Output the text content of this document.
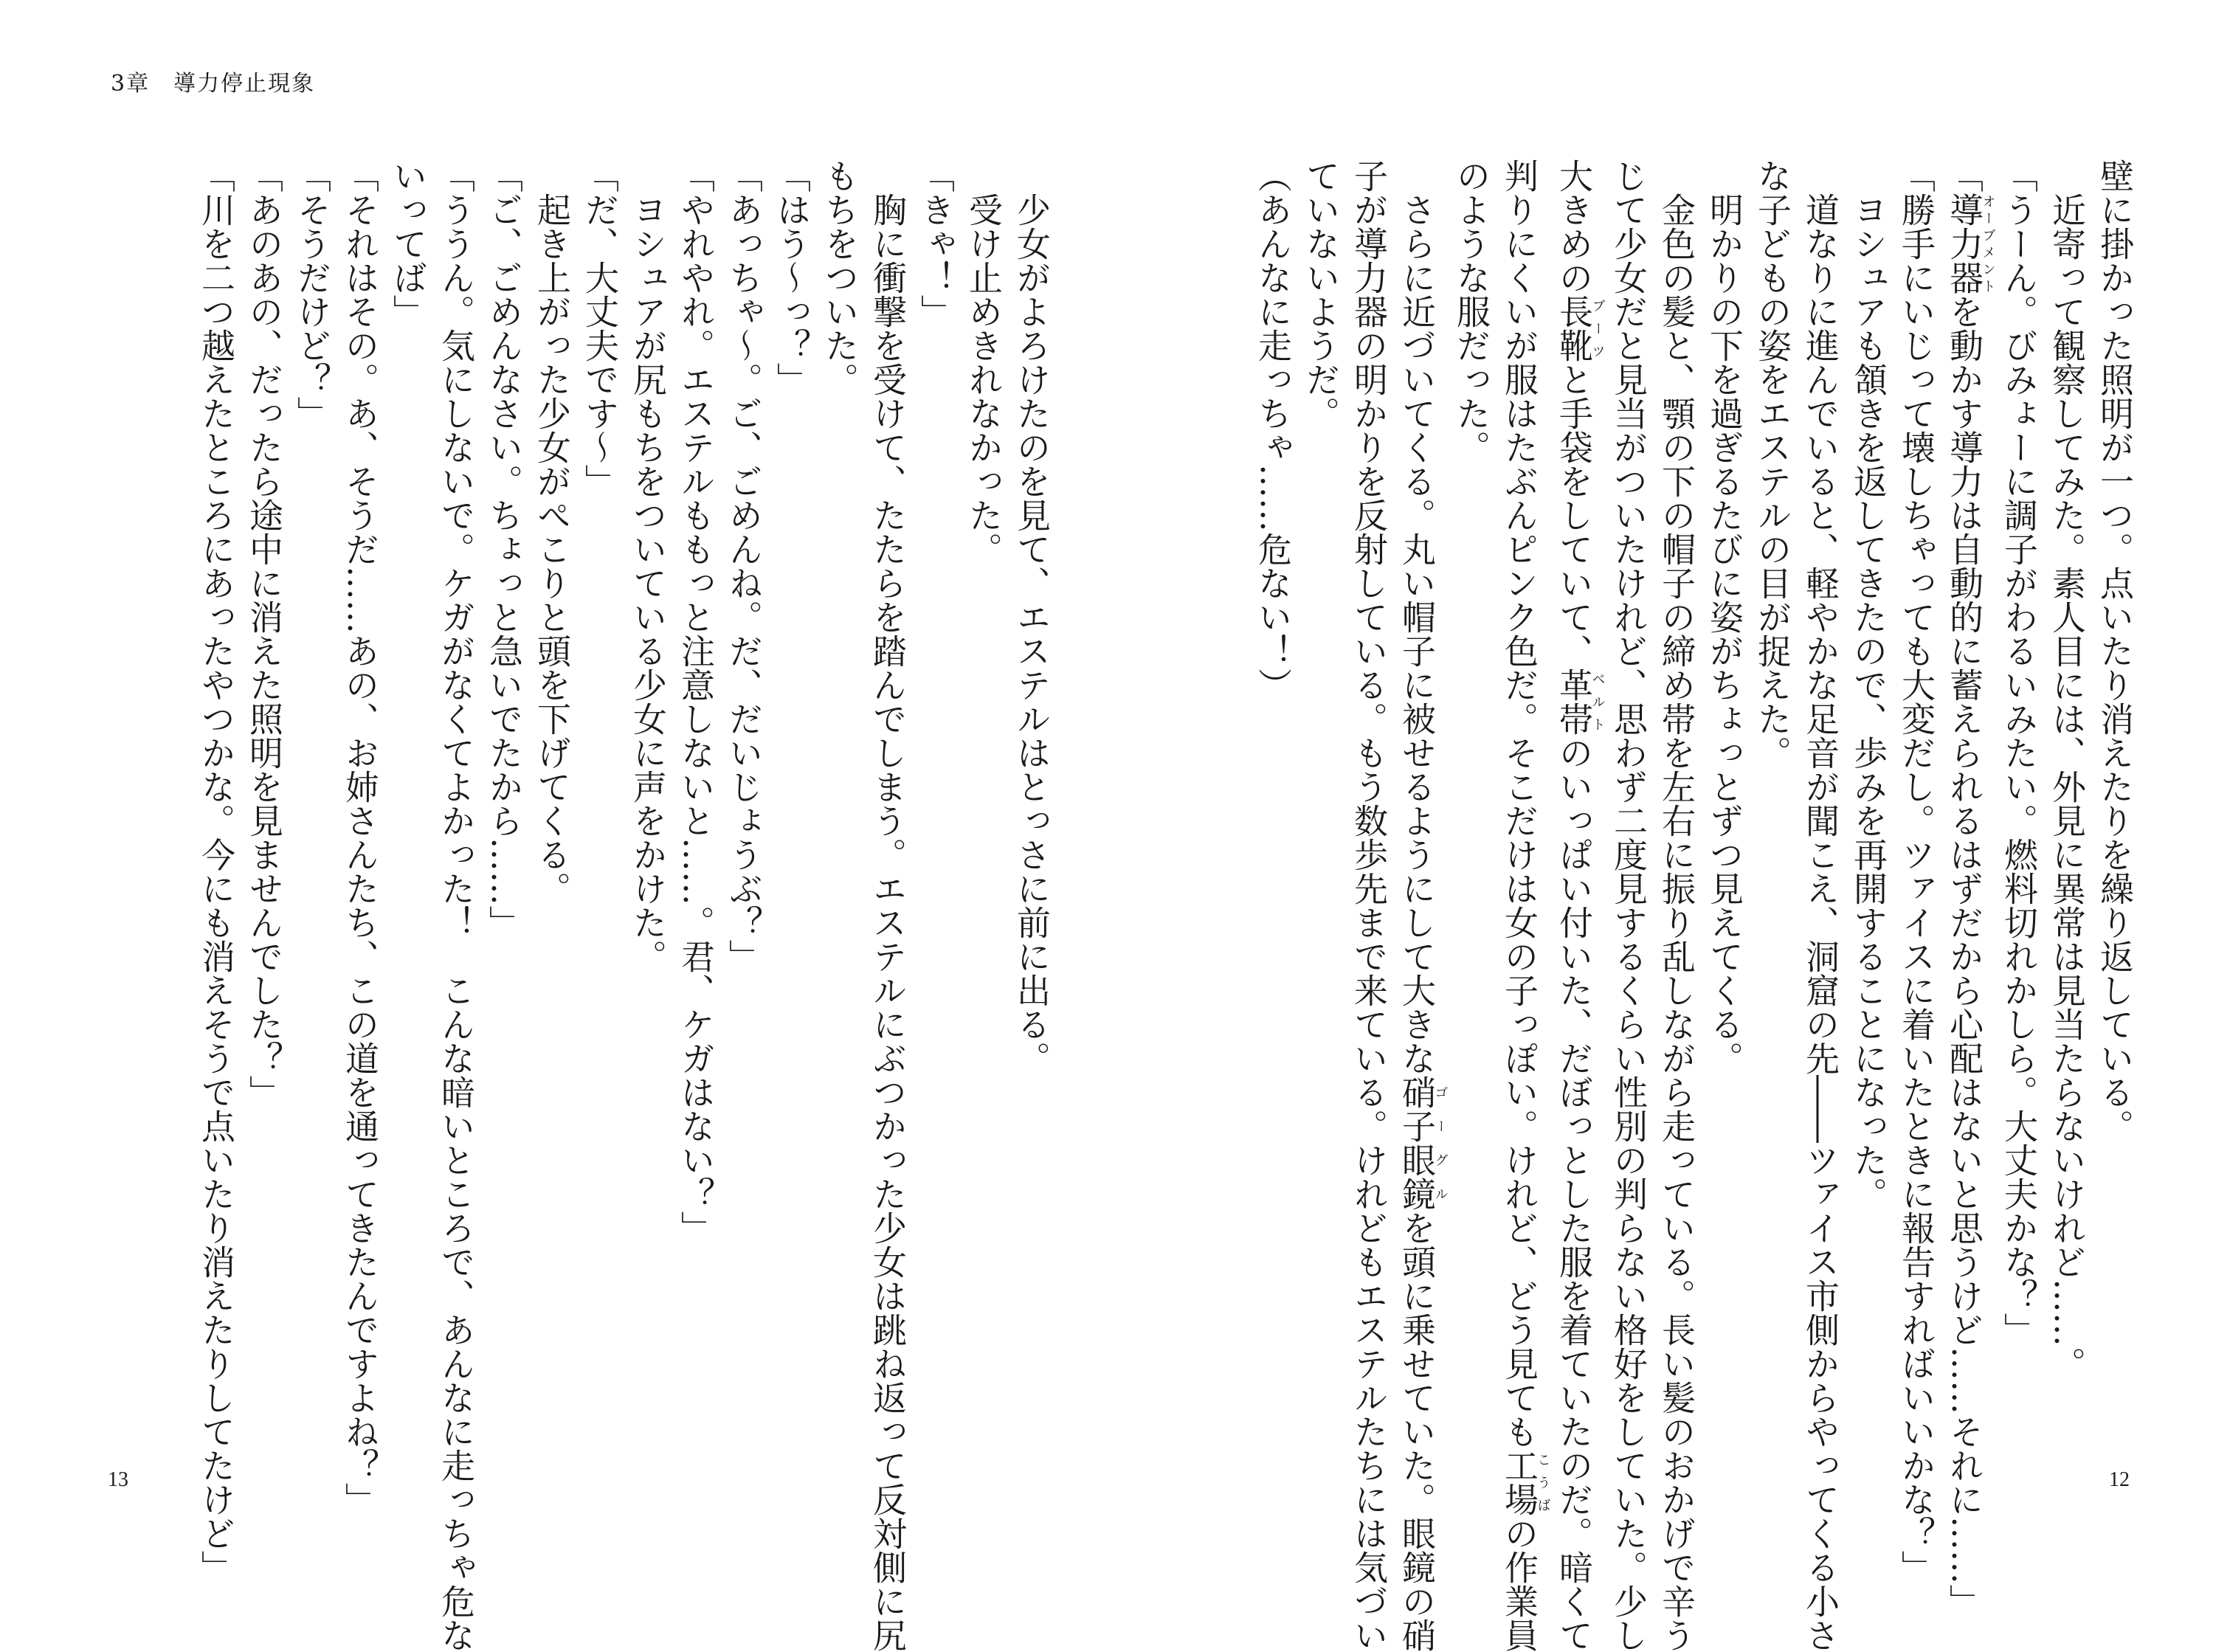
3章　導力停止現象
壁に掛かった照明が一つ。点いたり消えたりを繰り返している。
　近寄って観察してみた。素人目には、外見に異常は見当たらないけれど……。
「うーん。びみょーに調子がわるいみたい。燃料切れかしら。大丈夫かな？」
「導力器オーブメントを動かす導力は自動的に蓄えられるはずだから心配はないと思うけど……それに……」
「勝手にいじって壊しちゃっても大変だし。ツァイスに着いたときに報告すればいいかな？」
　ヨシュアも頷きを返してきたので、歩みを再開することになった。
　道なりに進んでいると、軽やかな足音が聞こえ、洞窟の先――ツァイス市側からやってくる小さ
な子どもの姿をエステルの目が捉えた。
　明かりの下を過ぎるたびに姿がちょっとずつ見えてくる。
　金色の髪と、顎の下の帽子の締め帯を左右に振り乱しながら走っている。長い髪のおかげで辛う
じて少女だと見当がついたけれど、思わず二度見するくらい性別の判らない格好をしていた。少し
大きめの長靴ブーツと手袋をしていて、革帯ベルトのいっぱい付いた、だぼっとした服を着ていたのだ。暗くて
判りにくいが服はたぶんピンク色だ。そこだけは女の子っぽい。けれど、どう見ても工場こうばの作業員
のような服だった。
　さらに近づいてくる。丸い帽子に被せるようにして大きな硝子眼鏡ゴーグルを頭に乗せていた。眼鏡の硝
子が導力器の明かりを反射している。もう数歩先まで来ている。けれどもエステルたちには気づい
ていないようだ。
（あんなに走っちゃ……危ない！）
　少女がよろけたのを見て、エステルはとっさに前に出る。
　受け止めきれなかった。
「きゃ！」
　胸に衝撃を受けて、たたらを踏んでしまう。エステルにぶつかった少女は跳ね返って反対側に尻
もちをついた。
「はう～っ？」
「あっちゃ～。ご、ごめんね。だ、だいじょうぶ？」
「やれやれ。エステルももっと注意しないと……。君、ケガはない？」
　ヨシュアが尻もちをついている少女に声をかけた。
「だ、大丈夫です～」
　起き上がった少女がぺこりと頭を下げてくる。
「ご、ごめんなさい。ちょっと急いでたから……」
「ううん。気にしないで。ケガがなくてよかった！　こんな暗いところで、あんなに走っちゃ危な
いってば」
「それはその。あ、そうだ……あの、お姉さんたち、この道を通ってきたんですよね？」
「そうだけど？」
「あのあの、だったら途中に消えた照明を見ませんでした？」
「川を二つ越えたところにあったやつかな。今にも消えそうで点いたり消えたりしてたけど」
13	12
